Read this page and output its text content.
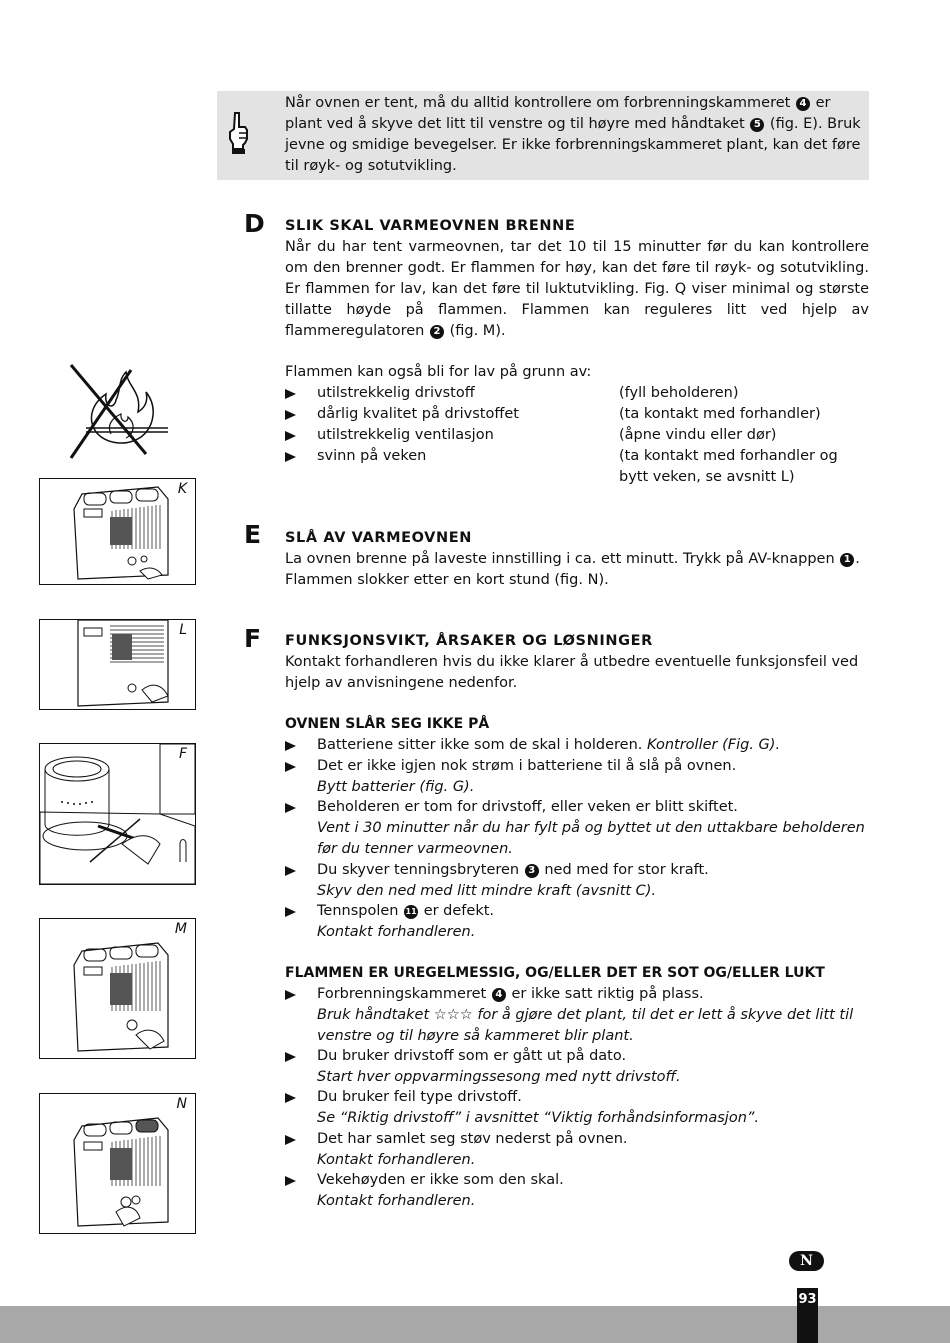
Når ovnen er tent, må du alltid kontrollere om forbrenningskammeret 4 er
plant ved å skyve det litt til venstre og til høyre med håndtaket 5 (fig. E). Bruk
jevne og smidige bevegelser. Er ikke forbrenningskammeret plant, kan det føre
til røyk- og sotutvikling.
D SLIK SKAL VARMEOVNEN BRENNE
Når du har tent varmeovnen, tar det 10 til 15 minutter før du kan kontrollere om den brenner godt. Er flammen for høy, kan det føre til røyk- og sotutvikling. Er flammen for lav, kan det føre til luktutvikling. Fig. Q viser minimal og største tillatte høyde på flammen. Flammen kan reguleres litt ved hjelp av flammeregulatoren 2 (fig. M).
Flammen kan også bli for lav på grunn av:
utilstrekkelig drivstoff	(fyll beholderen)
dårlig kvalitet på drivstoffet	(ta kontakt med forhandler)
utilstrekkelig ventilasjon	(åpne vindu eller dør)
svinn på veken	(ta kontakt med forhandler og bytt veken, se avsnitt L)
E SLÅ AV VARMEOVNEN
La ovnen brenne på laveste innstilling i ca. ett minutt. Trykk på AV-knappen 1 .
Flammen slokker etter en kort stund (fig. N).
F FUNKSJONSVIKT, ÅRSAKER OG LØSNINGER
Kontakt forhandleren hvis du ikke klarer å utbedre eventuelle funksjonsfeil ved hjelp av anvisningene nedenfor.
OVNEN SLÅR SEG IKKE PÅ
Batteriene sitter ikke som de skal i holderen. Kontroller (Fig. G).
Det er ikke igjen nok strøm i batteriene til å slå på ovnen.
Bytt batterier (fig. G).
Beholderen er tom for drivstoff, eller veken er blitt skiftet.
Vent i 30 minutter når du har fylt på og byttet ut den uttakbare beholderen før du tenner varmeovnen.
Du skyver tenningsbryteren 3 ned med for stor kraft.
Skyv den ned med litt mindre kraft (avsnitt C).
Tennspolen 11 er defekt.
Kontakt forhandleren.
FLAMMEN ER UREGELMESSIG, OG/ELLER DET ER SOT OG/ELLER LUKT
Forbrenningskammeret 4 er ikke satt riktig på plass.
Bruk håndtaket ☆☆☆ for å gjøre det plant, til det er lett å skyve det litt til venstre og til høyre så kammeret blir plant.
Du bruker drivstoff som er gått ut på dato.
Start hver oppvarmingssesong med nytt drivstoff.
Du bruker feil type drivstoff.
Se “Riktig drivstoff” i avsnittet “Viktig forhåndsinformasjon”.
Det har samlet seg støv nederst på ovnen.
Kontakt forhandleren.
Vekehøyden er ikke som den skal.
Kontakt forhandleren.
K
L
F
M
N
N
93
